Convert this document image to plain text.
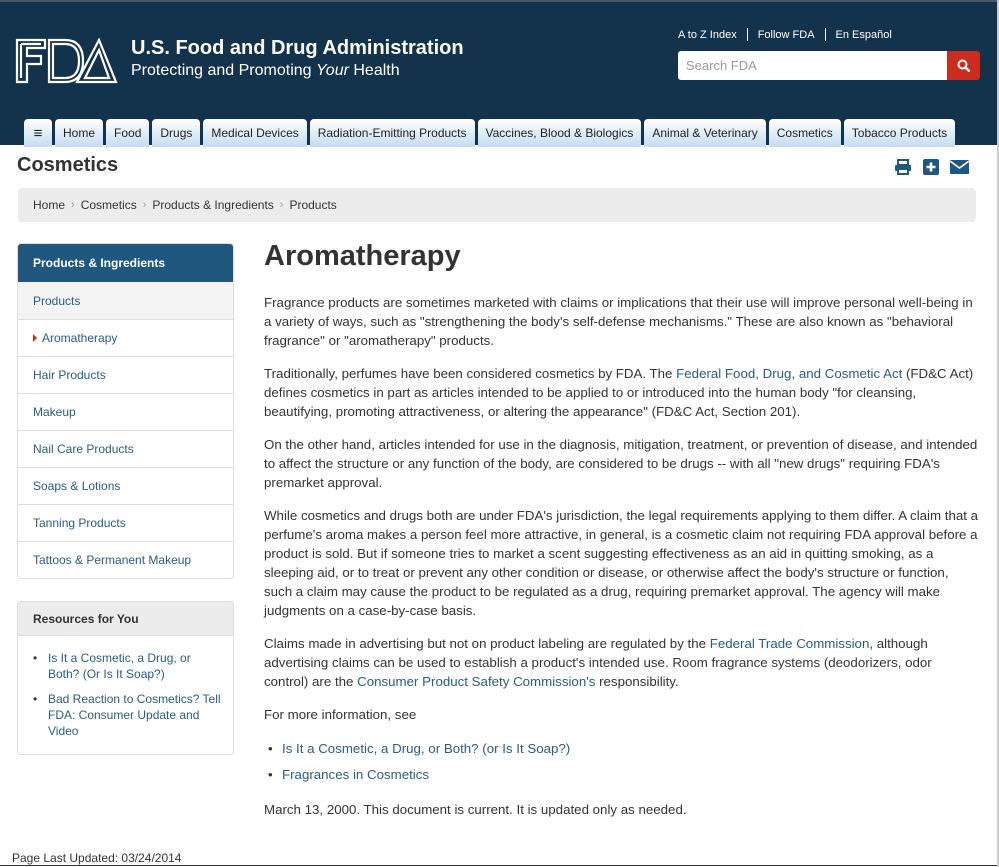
U.S. Food and Drug Administration
Protecting and Promoting Your Health
A to Z Index Follow FDA En Español
Search FDA
≡	Home	Food	Drugs	Medical Devices	Radiation-Emitting Products	Vaccines, Blood & Biologics	Animal & Veterinary	Cosmetics	Tobacco Products
Cosmetics
Home › Cosmetics › Products & Ingredients › Products
Products & Ingredients
Products
Aromatherapy
Hair Products
Makeup
Nail Care Products
Soaps & Lotions
Tanning Products
Tattoos & Permanent Makeup
Resources for You
• Is It a Cosmetic, a Drug, or Both? (Or Is It Soap?)
• Bad Reaction to Cosmetics? Tell FDA: Consumer Update and Video
Aromatherapy

Fragrance products are sometimes marketed with claims or implications that their use will improve personal well-being in a variety of ways, such as "strengthening the body's self-defense mechanisms." These are also known as "behavioral fragrance" or "aromatherapy" products.

Traditionally, perfumes have been considered cosmetics by FDA. The Federal Food, Drug, and Cosmetic Act (FD&C Act) defines cosmetics in part as articles intended to be applied to or introduced into the human body "for cleansing, beautifying, promoting attractiveness, or altering the appearance" (FD&C Act, Section 201).

On the other hand, articles intended for use in the diagnosis, mitigation, treatment, or prevention of disease, and intended to affect the structure or any function of the body, are considered to be drugs -- with all "new drugs" requiring FDA's premarket approval.

While cosmetics and drugs both are under FDA's jurisdiction, the legal requirements applying to them differ. A claim that a perfume's aroma makes a person feel more attractive, in general, is a cosmetic claim not requiring FDA approval before a product is sold. But if someone tries to market a scent suggesting effectiveness as an aid in quitting smoking, as a sleeping aid, or to treat or prevent any other condition or disease, or otherwise affect the body's structure or function, such a claim may cause the product to be regulated as a drug, requiring premarket approval. The agency will make judgments on a case-by-case basis.

Claims made in advertising but not on product labeling are regulated by the Federal Trade Commission, although advertising claims can be used to establish a product's intended use. Room fragrance systems (deodorizers, odor control) are the Consumer Product Safety Commission's responsibility.

For more information, see

• Is It a Cosmetic, a Drug, or Both? (or Is It Soap?)
• Fragrances in Cosmetics

March 13, 2000. This document is current. It is updated only as needed.

Page Last Updated: 03/24/2014
